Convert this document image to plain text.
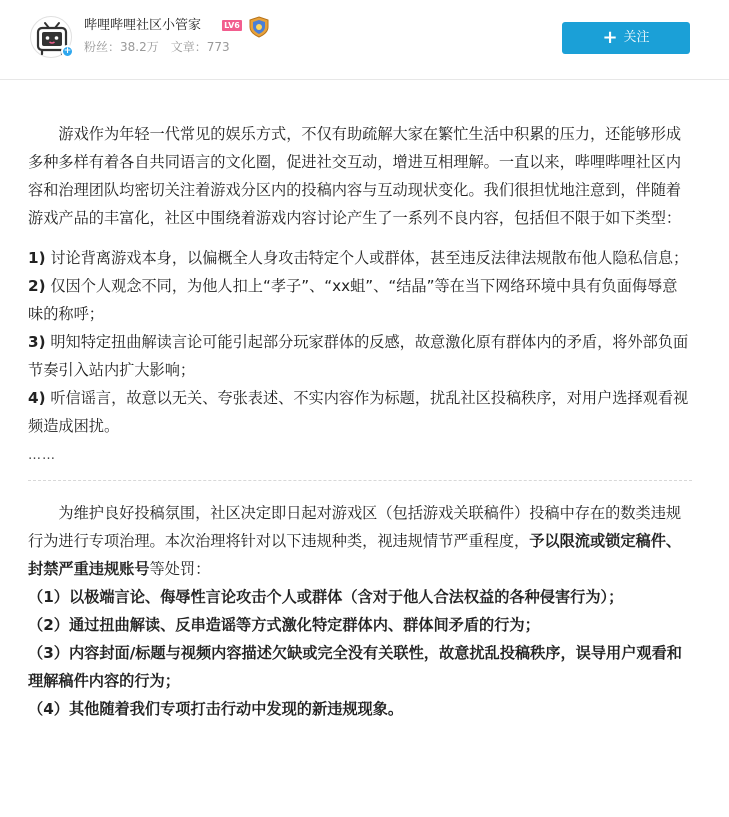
+
哔哩哔哩社区小管家	LV6
粉丝：38.2万 文章：773	+ 关注

游戏作为年轻一代常见的娱乐方式，不仅有助疏解大家在繁忙生活中积累的压力，还能够形成多种多样有着各自共同语言的文化圈，促进社交互动，增进互相理解。一直以来，哔哩哔哩社区内容和治理团队均密切关注着游戏分区内的投稿内容与互动现状变化。我们很担忧地注意到，伴随着游戏产品的丰富化，社区中围绕着游戏内容讨论产生了一系列不良内容，包括但不限于如下类型：

1) 讨论背离游戏本身，以偏概全人身攻击特定个人或群体，甚至违反法律法规散布他人隐私信息；

2) 仅因个人观念不同，为他人扣上“孝子”、“xx蛆”、“结晶”等在当下网络环境中具有负面侮辱意味的称呼；

3) 明知特定扭曲解读言论可能引起部分玩家群体的反感，故意激化原有群体内的矛盾，将外部负面节奏引入站内扩大影响；

4) 听信谣言，故意以无关、夸张表述、不实内容作为标题，扰乱社区投稿秩序，对用户选择观看视频造成困扰。

……

为维护良好投稿氛围，社区决定即日起对游戏区（包括游戏关联稿件）投稿中存在的数类违规行为进行专项治理。本次治理将针对以下违规种类，视违规情节严重程度，予以限流或锁定稿件、封禁严重违规账号等处罚：

（1）以极端言论、侮辱性言论攻击个人或群体（含对于他人合法权益的各种侵害行为）；

（2）通过扭曲解读、反串造谣等方式激化特定群体内、群体间矛盾的行为；

（3）内容封面/标题与视频内容描述欠缺或完全没有关联性，故意扰乱投稿秩序，误导用户观看和理解稿件内容的行为；

（4）其他随着我们专项打击行动中发现的新违规现象。
